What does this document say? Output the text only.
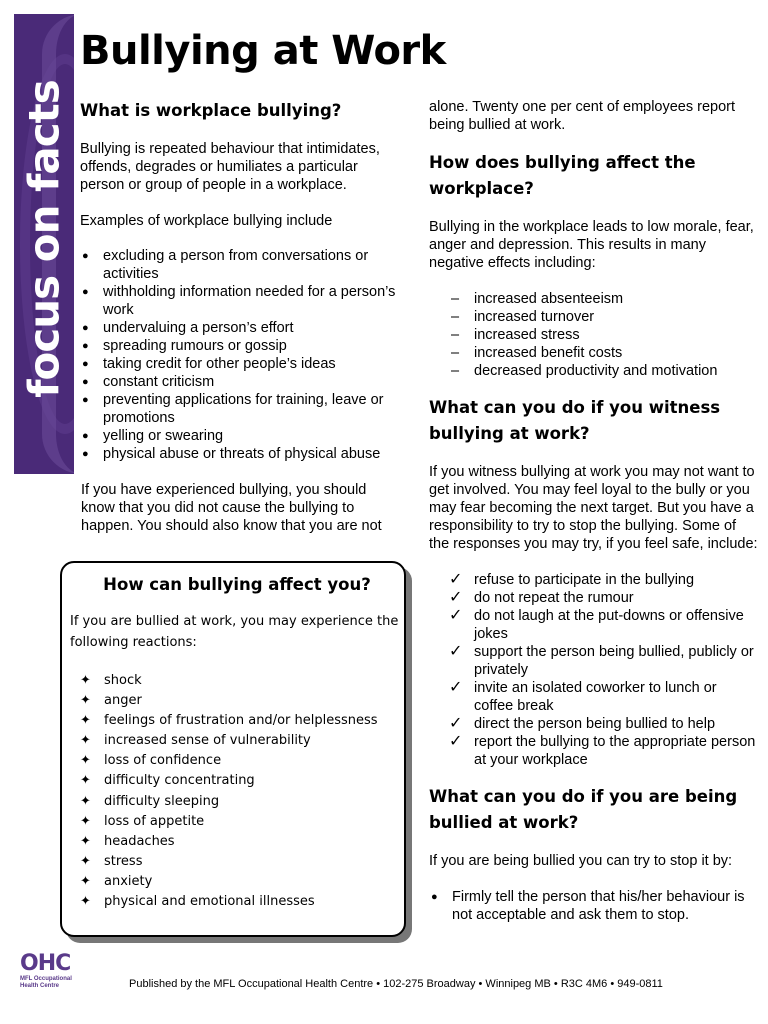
focus on facts
Bullying at Work
What is workplace bullying?

Bullying is repeated behaviour that intimidates, offends, degrades or humiliates a particular person or group of people in a workplace.

Examples of workplace bullying include

● excluding a person from conversations or activities
● withholding information needed for a person’s work
● undervaluing a person’s effort
● spreading rumours or gossip
● taking credit for other people’s ideas
● constant criticism
● preventing applications for training, leave or promotions
● yelling or swearing
● physical abuse or threats of physical abuse

If you have experienced bullying, you should know that you did not cause the bullying to happen. You should also know that you are not

How can bullying affect you?

If you are bullied at work, you may experience the following reactions:

✦ shock
✦ anger
✦ feelings of frustration and/or helplessness
✦ increased sense of vulnerability
✦ loss of confidence
✦ difficulty concentrating
✦ difficulty sleeping
✦ loss of appetite
✦ headaches
✦ stress
✦ anxiety
✦ physical and emotional illnesses

alone. Twenty one per cent of employees report being bullied at work.

How does bullying affect the workplace?

Bullying in the workplace leads to low morale, fear, anger and depression. This results in many negative effects including:

– increased absenteeism
– increased turnover
– increased stress
– increased benefit costs
– decreased productivity and motivation
What can you do if you witness bullying at work?

If you witness bullying at work you may not want to get involved. You may feel loyal to the bully or you may fear becoming the next target. But you have a responsibility to try to stop the bullying. Some of the responses you may try, if you feel safe, include:

✓ refuse to participate in the bullying
✓ do not repeat the rumour
✓ do not laugh at the put-downs or offensive jokes
✓ support the person being bullied, publicly or privately
✓ invite an isolated coworker to lunch or coffee break
✓ direct the person being bullied to help
✓ report the bullying to the appropriate person at your workplace
What can you do if you are being bullied at work?

If you are being bullied you can try to stop it by:

● Firmly tell the person that his/her behaviour is not acceptable and ask them to stop.
OHC
MFL Occupational
Health Centre	Published by the MFL Occupational Health Centre • 102-275 Broadway • Winnipeg MB • R3C 4M6 • 949-0811
